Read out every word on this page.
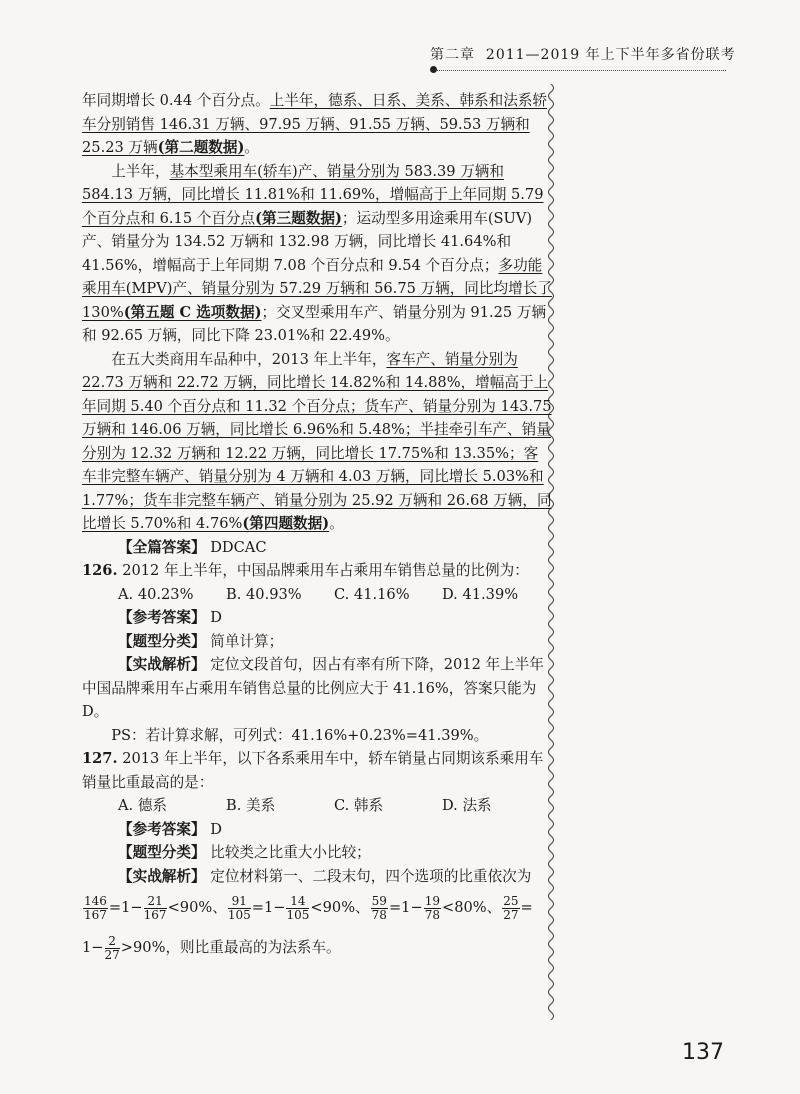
第二章 2011—2019 年上下半年多省份联考

年同期增长 0.44 个百分点。上半年，德系、日系、美系、韩系和法系轿车分别销售 146.31 万辆、97.95 万辆、91.55 万辆、59.53 万辆和 25.23 万辆(第二题数据)。

上半年，基本型乘用车(轿车)产、销量分别为 583.39 万辆和 584.13 万辆，同比增长 11.81%和 11.69%，增幅高于上年同期 5.79 个百分点和 6.15 个百分点(第三题数据)；运动型多用途乘用车(SUV)产、销量分为 134.52 万辆和 132.98 万辆，同比增长 41.64%和 41.56%，增幅高于上年同期 7.08 个百分点和 9.54 个百分点；多功能乘用车(MPV)产、销量分别为 57.29 万辆和 56.75 万辆，同比均增长了 130%(第五题 C 选项数据)；交叉型乘用车产、销量分别为 91.25 万辆和 92.65 万辆，同比下降 23.01%和 22.49%。

在五大类商用车品种中，2013 年上半年，客车产、销量分别为 22.73 万辆和 22.72 万辆，同比增长 14.82%和 14.88%，增幅高于上年同期 5.40 个百分点和 11.32 个百分点；货车产、销量分别为 143.75 万辆和 146.06 万辆，同比增长 6.96%和 5.48%；半挂牵引车产、销量分别为 12.32 万辆和 12.22 万辆，同比增长 17.75%和 13.35%；客车非完整车辆产、销量分别为 4 万辆和 4.03 万辆，同比增长 5.03%和 1.77%；货车非完整车辆产、销量分别为 25.92 万辆和 26.68 万辆，同比增长 5.70%和 4.76%(第四题数据)。

【全篇答案】 DDCAC

126. 2012 年上半年，中国品牌乘用车占乘用车销售总量的比例为：

A. 40.23%	B. 40.93%	C. 41.16%	D. 41.39%

【参考答案】 D

【题型分类】 简单计算；

【实战解析】 定位文段首句，因占有率有所下降，2012 年上半年中国品牌乘用车占乘用车销售总量的比例应大于 41.16%，答案只能为 D。

PS：若计算求解，可列式：41.16%+0.23%=41.39%。

127. 2013 年上半年，以下各系乘用车中，轿车销量占同期该系乘用车销量比重最高的是：

A. 德系	B. 美系	C. 韩系	D. 法系

【参考答案】 D

【题型分类】 比较类之比重大小比较；

【实战解析】 定位材料第一、二段末句，四个选项的比重依次为

$\frac{146}{167} =1- \frac{21}{167} <90\%$、 $\frac{91}{105} =1- \frac{14}{105} <90\%$、 $\frac{59}{78} =1- \frac{19}{78} <80\%$、 $\frac{25}{27}$ =

$1- \frac{2}{27} >90\%$，则比重最高的为法系车。

137
